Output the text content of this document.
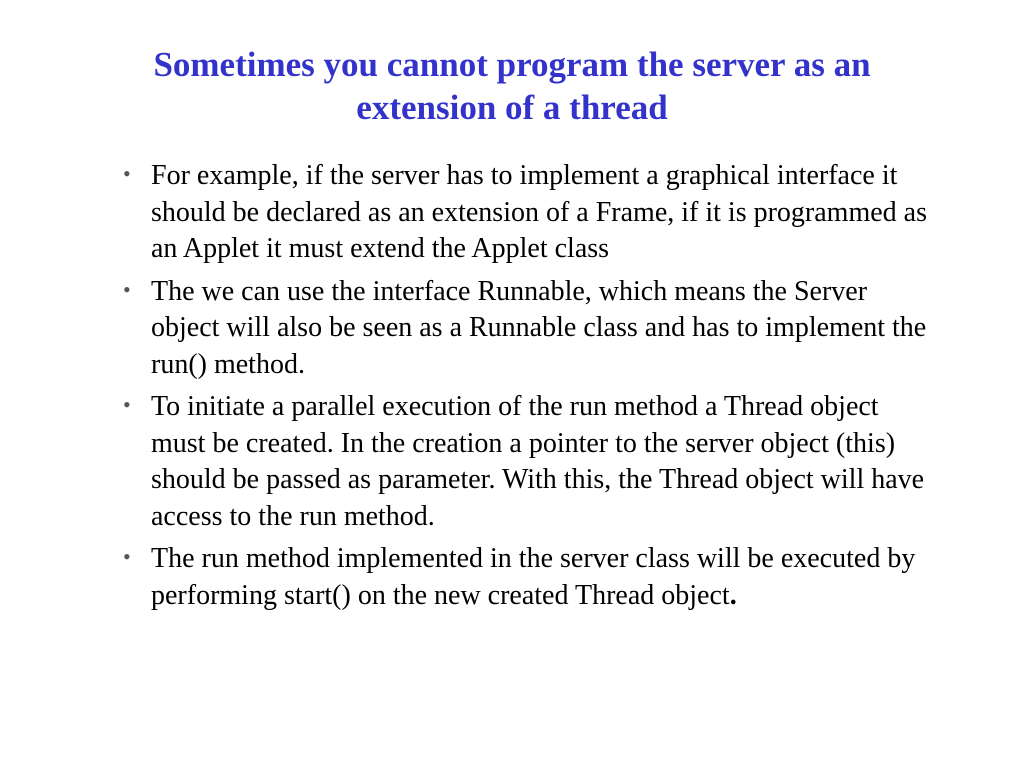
Sometimes you cannot program the server as an
extension of a thread
• For example, if the server has to implement a graphical interface it should be declared as an extension of a Frame, if it is programmed as an Applet it must extend the Applet class
• The we can use the interface Runnable, which means the Server object will also be seen as a Runnable class and has to implement the run() method.
• To initiate a parallel execution of the run method a Thread object must be created. In the creation a pointer to the server object (this) should be passed as parameter. With this, the Thread object will have access to the run method.
• The run method implemented in the server class will be executed by performing start() on the new created Thread object.
